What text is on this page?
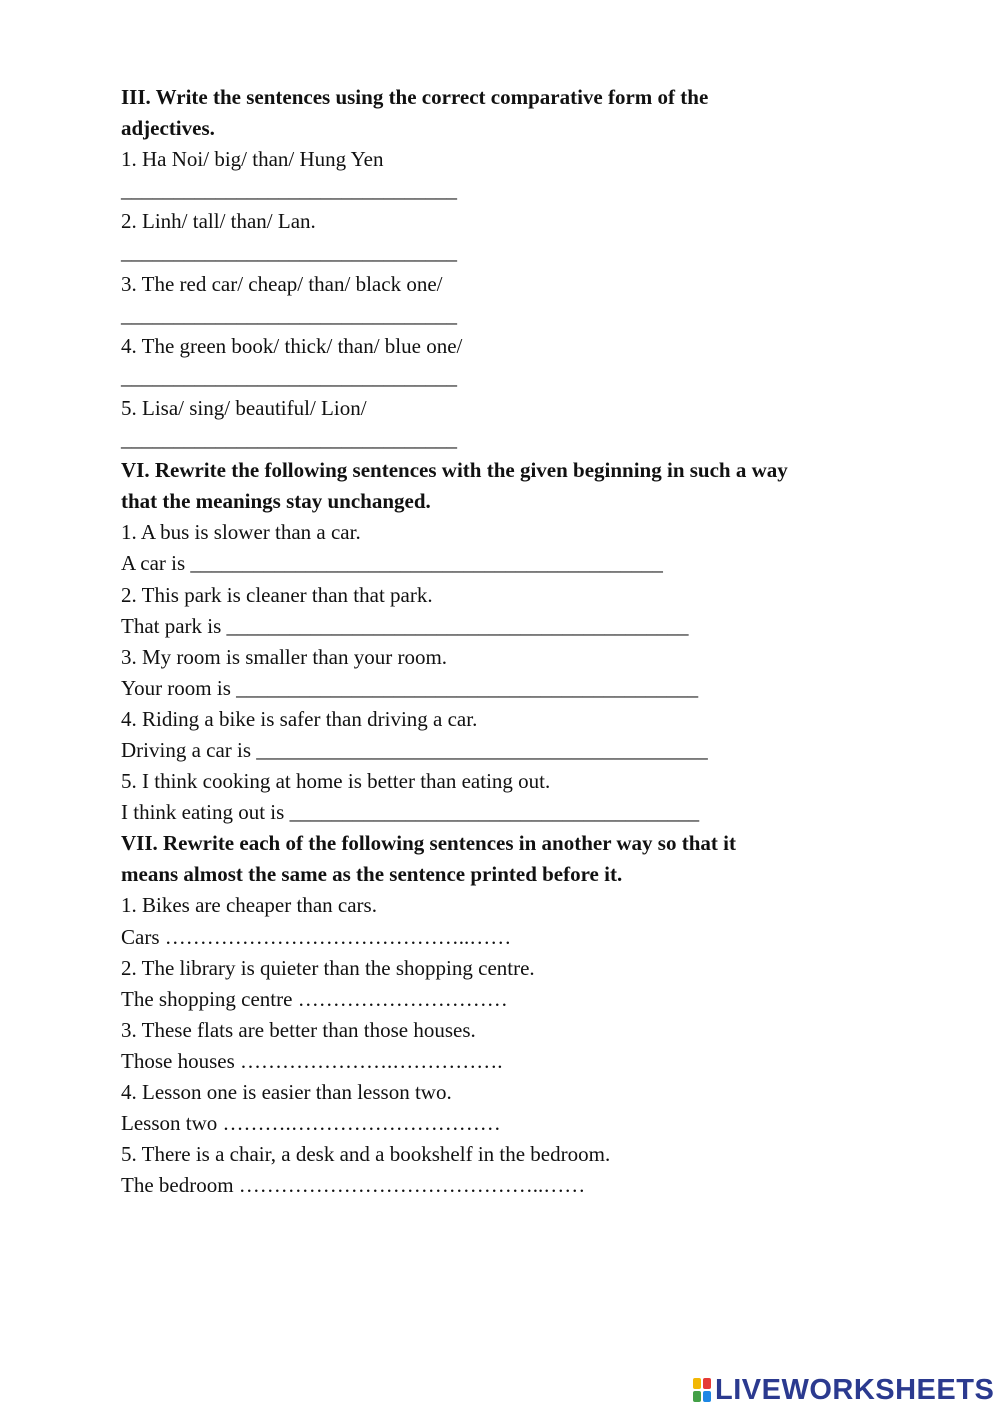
III. Write the sentences using the correct comparative form of the
adjectives.
1. Ha Noi/ big/ than/ Hung Yen
________________________________
2. Linh/ tall/ than/ Lan.
________________________________
3. The red car/ cheap/ than/ black one/
________________________________
4. The green book/ thick/ than/ blue one/
________________________________
5. Lisa/ sing/ beautiful/ Lion/
________________________________
VI. Rewrite the following sentences with the given beginning in such a way
that the meanings stay unchanged.
1. A bus is slower than a car.
A car is _____________________________________________
2. This park is cleaner than that park.
That park is ____________________________________________
3. My room is smaller than your room.
Your room is ____________________________________________
4. Riding a bike is safer than driving a car.
Driving a car is ___________________________________________
5. I think cooking at home is better than eating out.
I think eating out is _______________________________________
VII. Rewrite each of the following sentences in another way so that it
means almost the same as the sentence printed before it.
1. Bikes are cheaper than cars.
Cars ……………………………………..……
2. The library is quieter than the shopping centre.
The shopping centre …………………………
3. These flats are better than those houses.
Those houses ………………….…………….
4. Lesson one is easier than lesson two.
Lesson two ……….…………………………
5. There is a chair, a desk and a bookshelf in the bedroom.
The bedroom ……………………………………..……
LIVEWORKSHEETS
